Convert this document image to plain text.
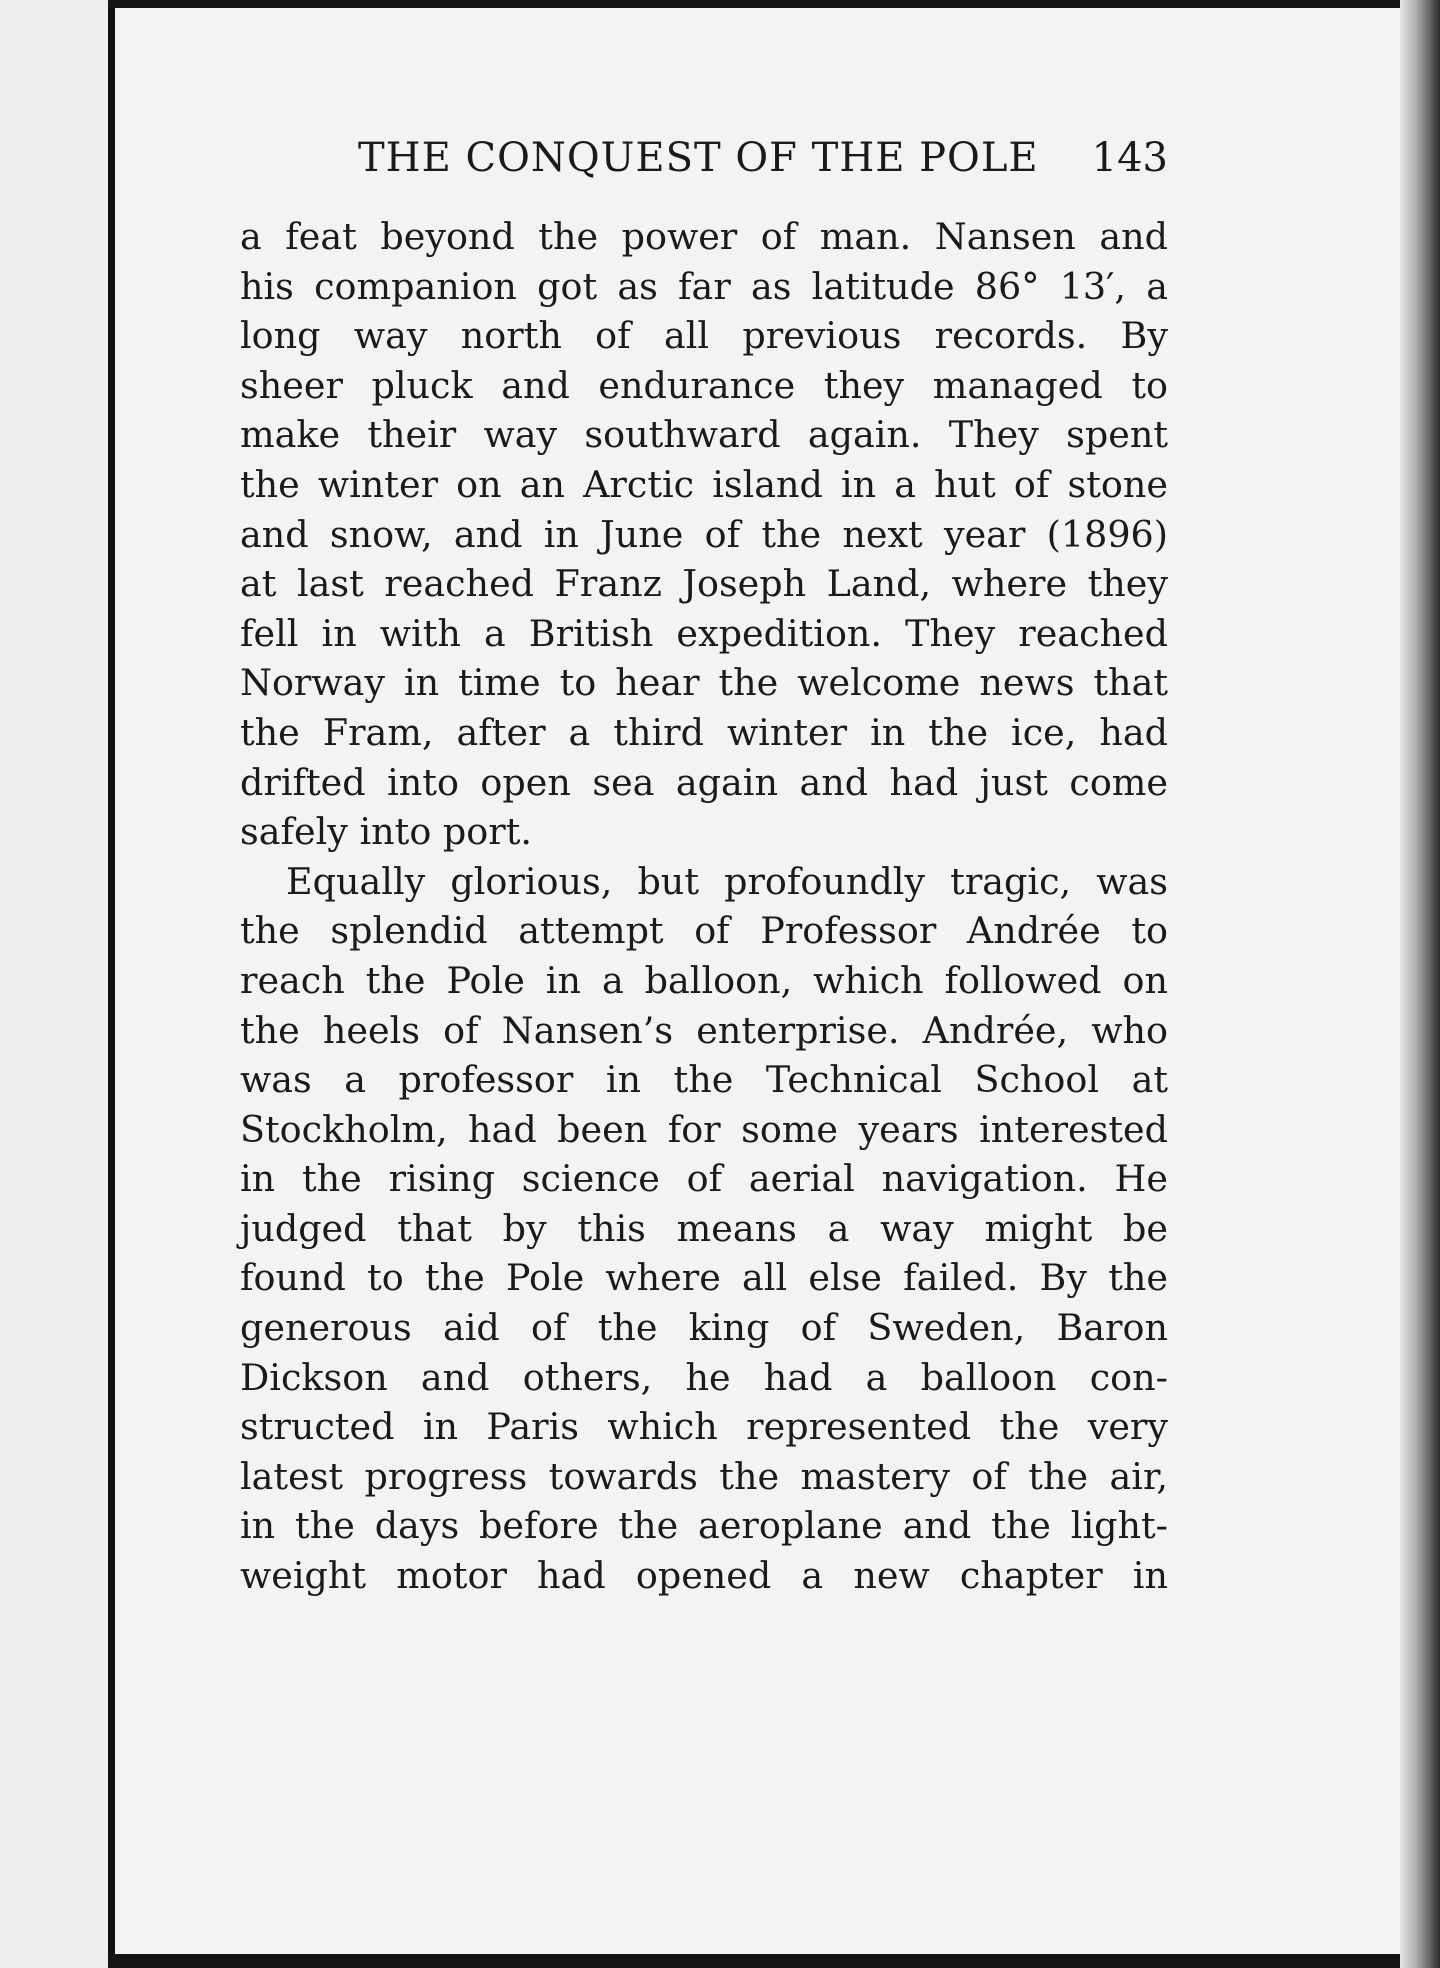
THE CONQUEST OF THE POLE 143
a feat beyond the power of man. Nansen and
his companion got as far as latitude 86° 13′, a
long way north of all previous records. By
sheer pluck and endurance they managed to
make their way southward again. They spent
the winter on an Arctic island in a hut of stone
and snow, and in June of the next year (1896)
at last reached Franz Joseph Land, where they
fell in with a British expedition. They reached
Norway in time to hear the welcome news that
the Fram, after a third winter in the ice, had
drifted into open sea again and had just come
safely into port.
Equally glorious, but profoundly tragic, was
the splendid attempt of Professor Andrée to
reach the Pole in a balloon, which followed on
the heels of Nansen’s enterprise. Andrée, who
was a professor in the Technical School at
Stockholm, had been for some years interested
in the rising science of aerial navigation. He
judged that by this means a way might be
found to the Pole where all else failed. By the
generous aid of the king of Sweden, Baron
Dickson and others, he had a balloon con-
structed in Paris which represented the very
latest progress towards the mastery of the air,
in the days before the aeroplane and the light-
weight motor had opened a new chapter in
